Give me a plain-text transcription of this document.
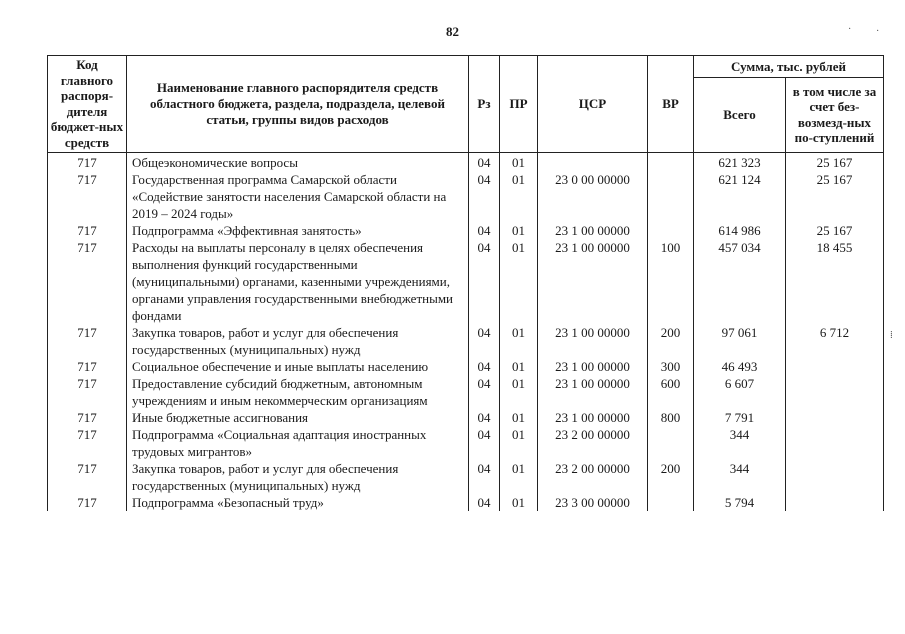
82
Код главного распоря-дителя бюджет-ных средств	Наименование главного распорядителя средств областного бюджета, раздела, подраздела, целевой статьи, группы видов расходов	Рз	ПР	ЦСР	ВР	Сумма, тыс. рублей	
						Всего	в том числе за счет без-возмезд-ных по-ступлений
717	Общеэкономические вопросы	04	01			621 323	25 167
717	Государственная программа Самарской области «Содействие занятости населения Самарской области на 2019 – 2024 годы»	04	01	23 0 00 00000		621 124	25 167
717	Подпрограмма «Эффективная занятость»	04	01	23 1 00 00000		614 986	25 167
717	Расходы на выплаты персоналу в целях обеспечения выполнения функций государственными (муниципальными) органами, казенными учреждениями, органами управления государственными внебюджетными фондами	04	01	23 1 00 00000	100	457 034	18 455
717	Закупка товаров, работ и услуг для обеспечения государственных (муниципальных) нужд	04	01	23 1 00 00000	200	97 061	6 712
717	Социальное обеспечение и иные выплаты населению	04	01	23 1 00 00000	300	46 493	
717	Предоставление субсидий бюджетным, автономным учреждениям и иным некоммерческим организациям	04	01	23 1 00 00000	600	6 607	
717	Иные бюджетные ассигнования	04	01	23 1 00 00000	800	7 791	
717	Подпрограмма «Социальная адаптация иностранных трудовых мигрантов»	04	01	23 2 00 00000		344	
717	Закупка товаров, работ и услуг для обеспечения государственных (муниципальных) нужд	04	01	23 2 00 00000	200	344	
717	Подпрограмма «Безопасный труд»	04	01	23 3 00 00000		5 794	
· ·
⁞
